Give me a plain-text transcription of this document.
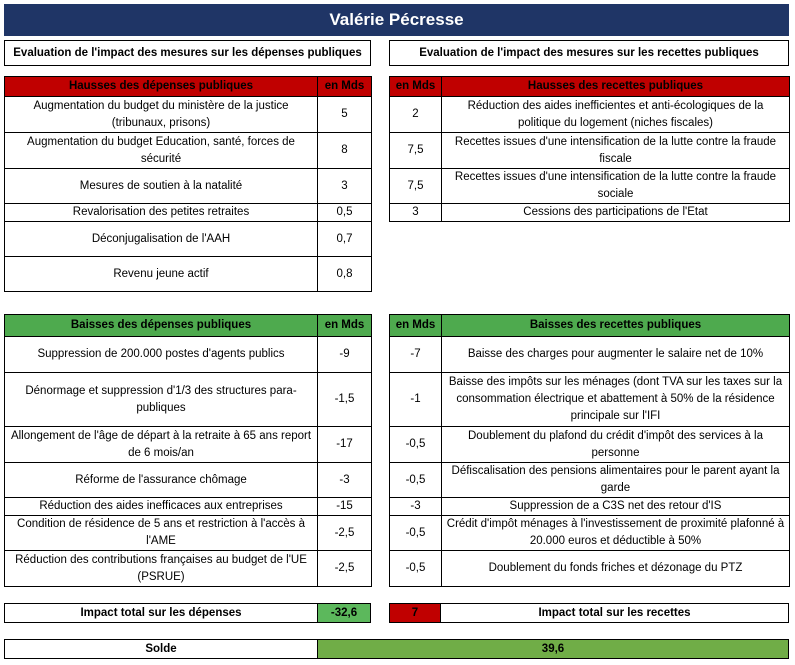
Valérie Pécresse
Evaluation de l'impact des mesures sur les dépenses publiques	Evaluation de l'impact des mesures sur les recettes publiques
Hausses des dépenses publiques	en Mds
Augmentation du budget du ministère de la justice (tribunaux, prisons)	5
Augmentation du budget Education, santé, forces de sécurité	8
Mesures de soutien à la natalité	3
Revalorisation des petites retraites	0,5
Déconjugalisation de l'AAH	0,7
Revenu jeune actif	0,8
en Mds	Hausses des recettes publiques
2	Réduction des aides inefficientes et anti-écologiques de la politique du logement (niches fiscales)
7,5	Recettes issues d'une intensification de la lutte contre la fraude fiscale
7,5	Recettes issues d'une intensification de la lutte contre la fraude sociale
3	Cessions des participations de l'Etat
Baisses des dépenses publiques	en Mds
Suppression de 200.000 postes d'agents publics	-9
Dénormage et suppression d'1/3 des structures para-publiques	-1,5
Allongement de l'âge de départ à la retraite à 65 ans report de 6 mois/an	-17
Réforme de l'assurance chômage	-3
Réduction des aides inefficaces aux entreprises	-15
Condition de résidence de 5 ans et restriction à l'accès à l'AME	-2,5
Réduction des contributions françaises au budget de l'UE (PSRUE)	-2,5
en Mds	Baisses des recettes publiques
-7	Baisse des charges pour augmenter le salaire net de 10%
-1	Baisse des impôts sur les ménages (dont TVA sur les taxes sur la consommation électrique et abattement à 50% de la résidence principale sur l'IFI
-0,5	Doublement du plafond du crédit d'impôt des services à la personne
-0,5	Défiscalisation des pensions alimentaires pour le parent ayant la garde
-3	Suppression de a C3S net des retour d'IS
-0,5	Crédit d'impôt ménages à l'investissement de proximité plafonné à 20.000 euros et déductible à 50%
-0,5	Doublement du fonds friches et dézonage du PTZ
Impact total sur les dépenses	-32,6	7	Impact total sur les recettes
Solde	39,6
